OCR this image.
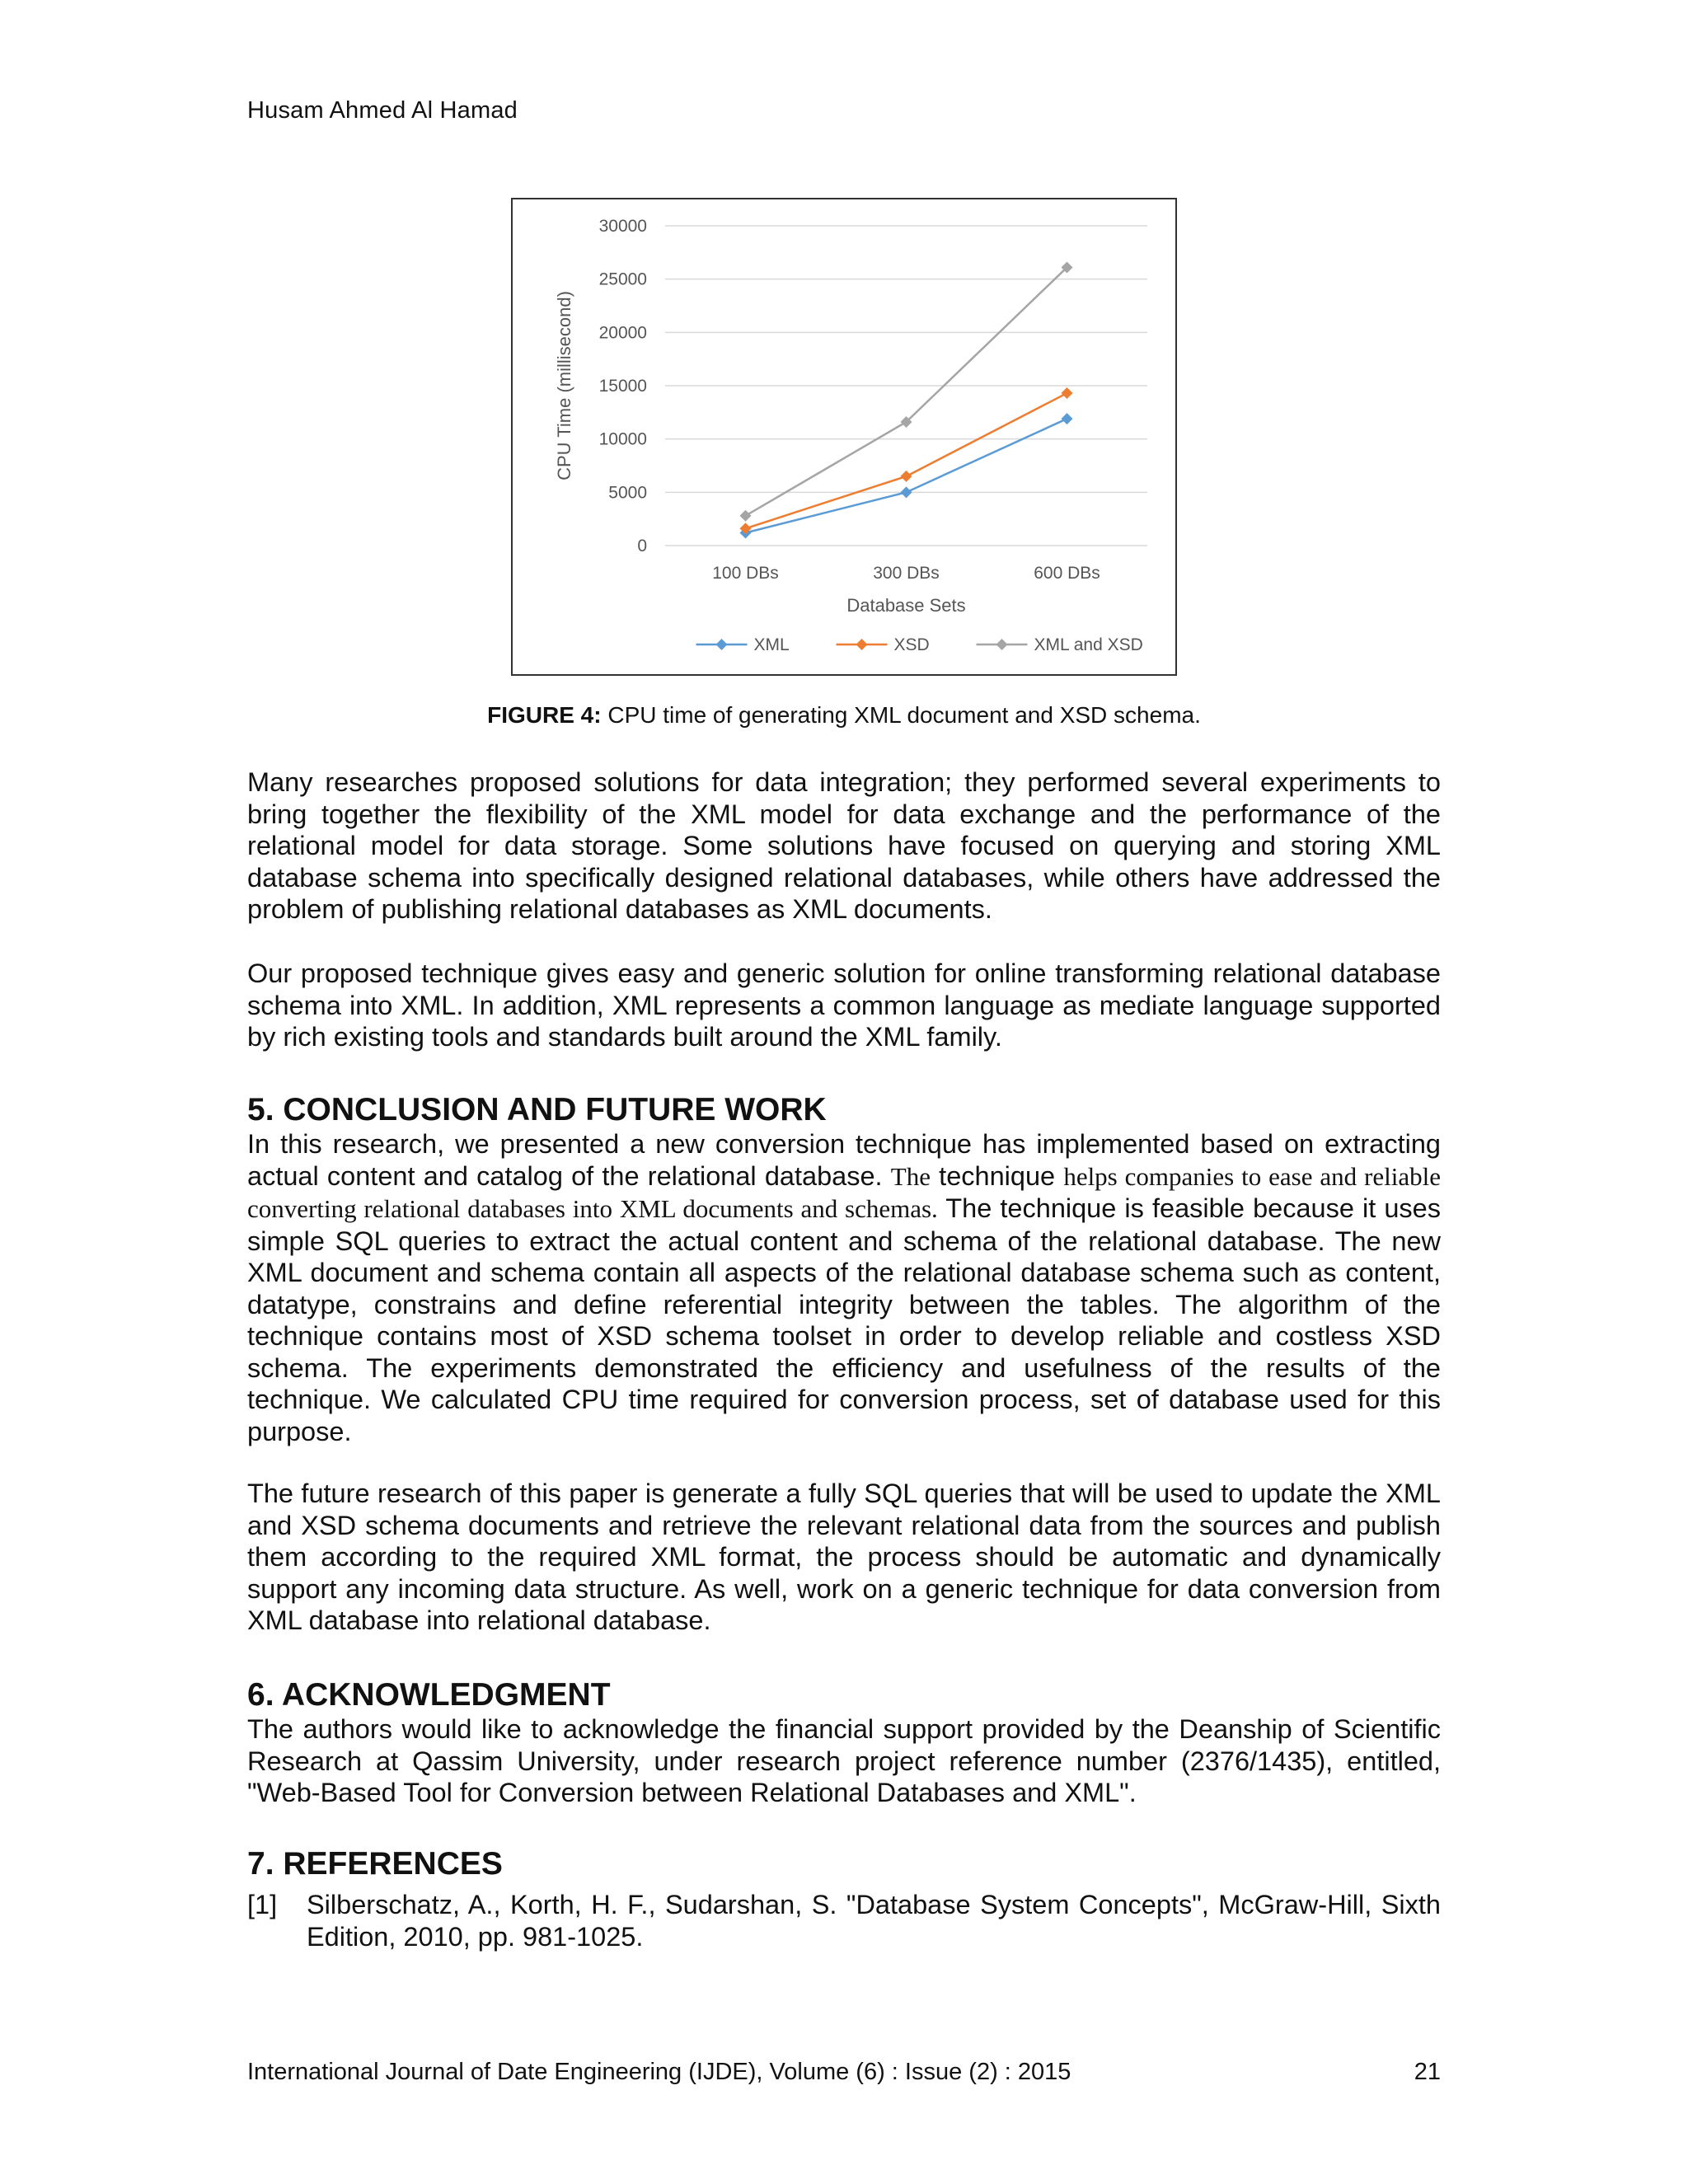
Husam Ahmed Al Hamad
0
5000
10000
15000
20000
25000
30000
100 DBs	300 DBs	600 DBs
Database Sets
CPU Time (millisecond)
XML	XSD	XML and XSD
FIGURE 4: CPU time of generating XML document and XSD schema.
Many researches proposed solutions for data integration; they performed several experiments to bring together the flexibility of the XML model for data exchange and the performance of the relational model for data storage. Some solutions have focused on querying and storing XML database schema into specifically designed relational databases, while others have addressed the problem of publishing relational databases as XML documents.
Our proposed technique gives easy and generic solution for online transforming relational database schema into XML. In addition, XML represents a common language as mediate language supported by rich existing tools and standards built around the XML family.
5. CONCLUSION AND FUTURE WORK
In this research, we presented a new conversion technique has implemented based on extracting actual content and catalog of the relational database. The technique helps companies to ease and reliable converting relational databases into XML documents and schemas. The technique is feasible because it uses simple SQL queries to extract the actual content and schema of the relational database. The new XML document and schema contain all aspects of the relational database schema such as content, datatype, constrains and define referential integrity between the tables. The algorithm of the technique contains most of XSD schema toolset in order to develop reliable and costless XSD schema. The experiments demonstrated the efficiency and usefulness of the results of the technique. We calculated CPU time required for conversion process, set of database used for this purpose.
The future research of this paper is generate a fully SQL queries that will be used to update the XML and XSD schema documents and retrieve the relevant relational data from the sources and publish them according to the required XML format, the process should be automatic and dynamically support any incoming data structure. As well, work on a generic technique for data conversion from XML database into relational database.
6. ACKNOWLEDGMENT
The authors would like to acknowledge the financial support provided by the Deanship of Scientific Research at Qassim University, under research project reference number (2376/1435), entitled, "Web-Based Tool for Conversion between Relational Databases and XML".
7. REFERENCES
[1] Silberschatz, A., Korth, H. F., Sudarshan, S. "Database System Concepts", McGraw-Hill, Sixth Edition, 2010, pp. 981-1025.
International Journal of Date Engineering (IJDE), Volume (6) : Issue (2) : 2015	21
